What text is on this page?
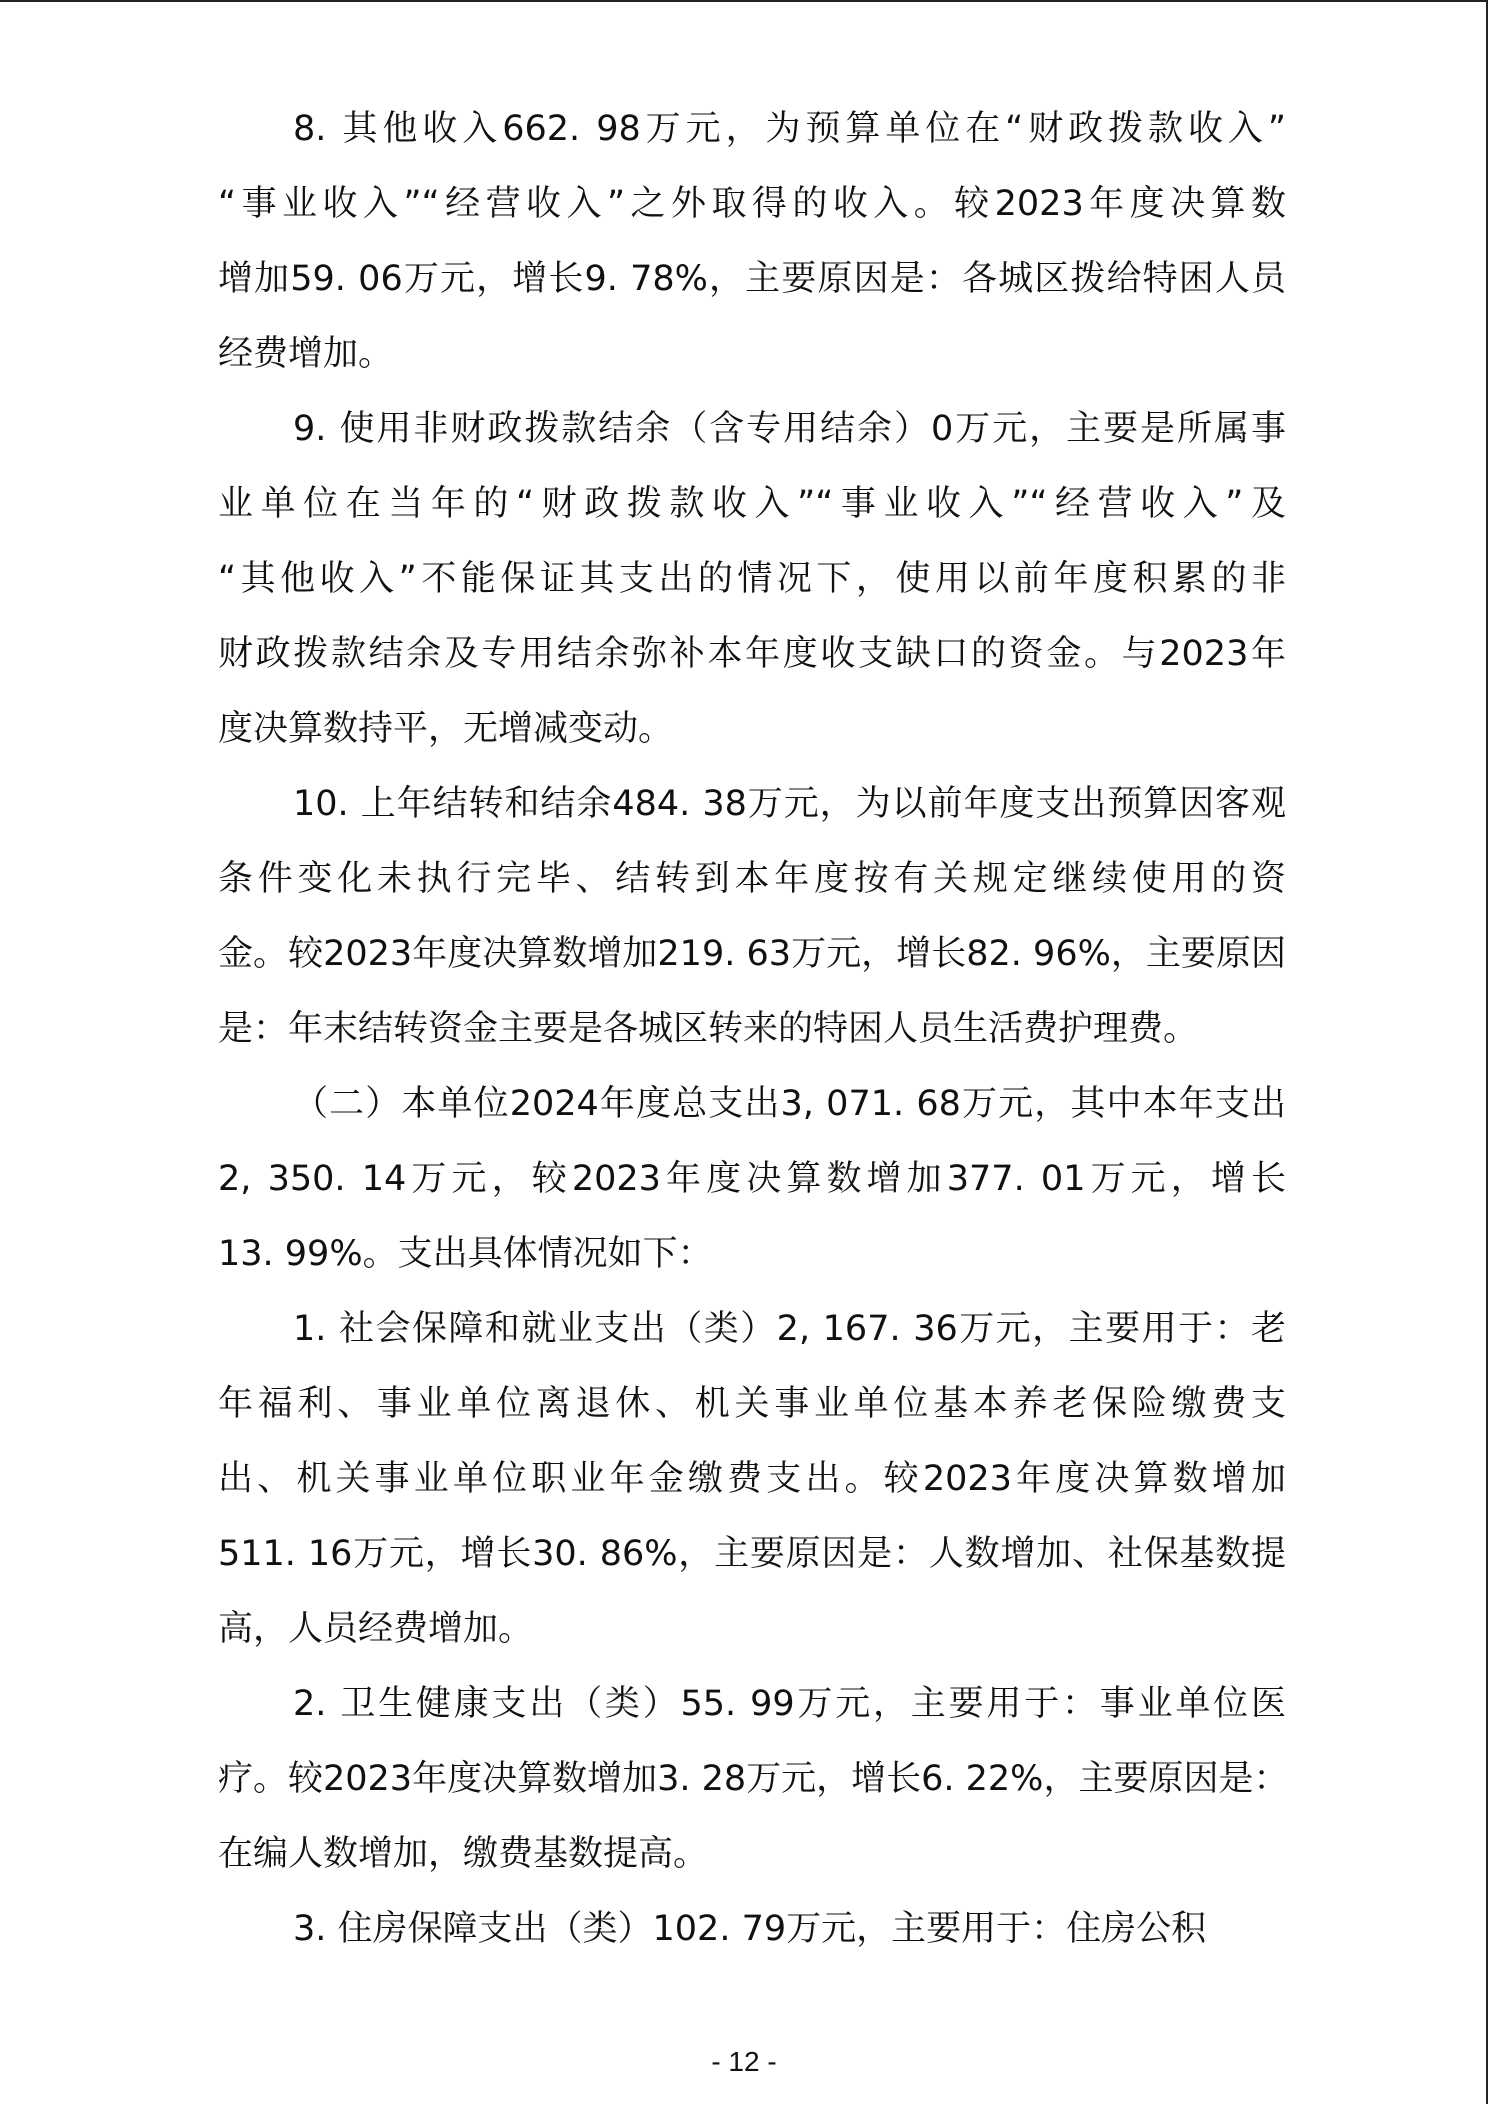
8. 其他收入662. 98万元，为预算单位在“财政拨款收入”
“事业收入”“经营收入”之外取得的收入。较2023年度决算数
增加59. 06万元，增长9. 78%，主要原因是：各城区拨给特困人员
经费增加。

9. 使用非财政拨款结余（含专用结余）0万元，主要是所属事
业单位在当年的“财政拨款收入”“事业收入”“经营收入”及
“其他收入”不能保证其支出的情况下，使用以前年度积累的非
财政拨款结余及专用结余弥补本年度收支缺口的资金。与2023年
度决算数持平，无增减变动。

10. 上年结转和结余484. 38万元，为以前年度支出预算因客观
条件变化未执行完毕、结转到本年度按有关规定继续使用的资
金。较2023年度决算数增加219. 63万元，增长82. 96%，主要原因
是：年末结转资金主要是各城区转来的特困人员生活费护理费。

（二）本单位2024年度总支出3, 071. 68万元，其中本年支出
2, 350. 14万元，较2023年度决算数增加377. 01万元，增长
13. 99%。支出具体情况如下：

1. 社会保障和就业支出（类）2, 167. 36万元，主要用于：老
年福利、事业单位离退休、机关事业单位基本养老保险缴费支
出、机关事业单位职业年金缴费支出。较2023年度决算数增加
511. 16万元，增长30. 86%，主要原因是：人数增加、社保基数提
高，人员经费增加。

2. 卫生健康支出（类）55. 99万元，主要用于：事业单位医
疗。较2023年度决算数增加3. 28万元，增长6. 22%，主要原因是：
在编人数增加，缴费基数提高。

3. 住房保障支出（类）102. 79万元，主要用于：住房公积

- 12 -
